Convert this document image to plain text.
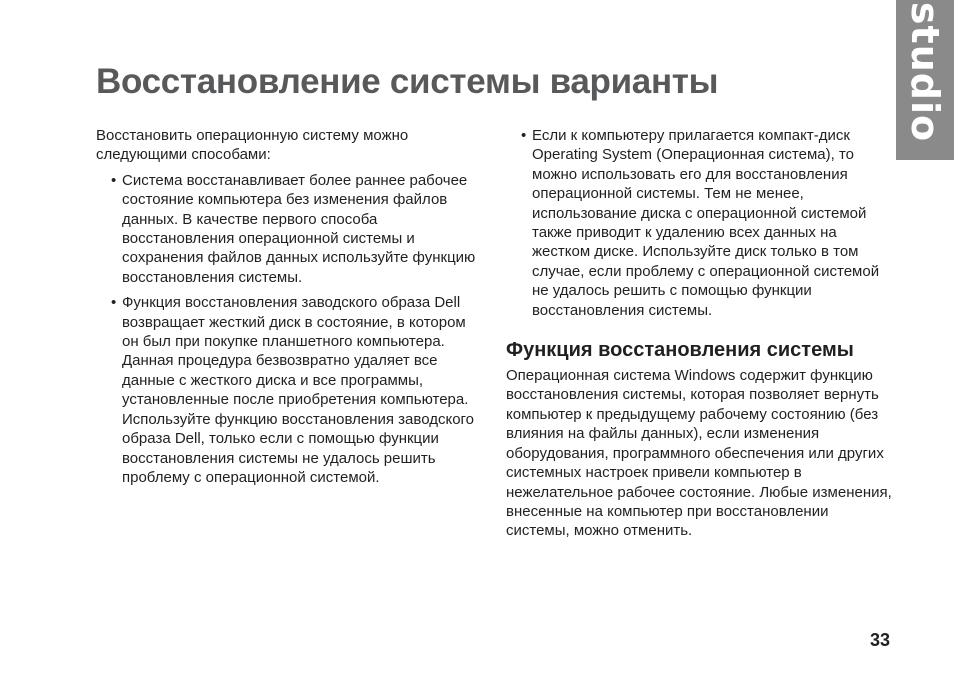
studio
Восстановление системы варианты

Восстановить операционную систему можно следующими способами:

• Система восстанавливает более раннее рабочее состояние компьютера без изменения файлов данных. В качестве первого способа восстановления операционной системы и сохранения файлов данных используйте функцию восстановления системы.
• Функция восстановления заводского образа Dell возвращает жесткий диск в состояние, в котором он был при покупке планшетного компьютера. Данная процедура безвозвратно удаляет все данные с жесткого диска и все программы, установленные после приобретения компьютера. Используйте функцию восстановления заводского образа Dell, только если с помощью функции восстановления системы не удалось решить проблему с операционной системой.
• Если к компьютеру прилагается компакт-диск Operating System (Операционная система), то можно использовать его для восстановления операционной системы. Тем не менее, использование диска с операционной системой также приводит к удалению всех данных на жестком диске. Используйте диск только в том случае, если проблему с операционной системой не удалось решить с помощью функции восстановления системы.
Функция восстановления системы

Операционная система Windows содержит функцию восстановления системы, которая позволяет вернуть компьютер к предыдущему рабочему состоянию (без влияния на файлы данных), если изменения оборудования, программного обеспечения или других системных настроек привели компьютер в нежелательное рабочее состояние. Любые изменения, внесенные на компьютер при восстановлении системы, можно отменить.

33
